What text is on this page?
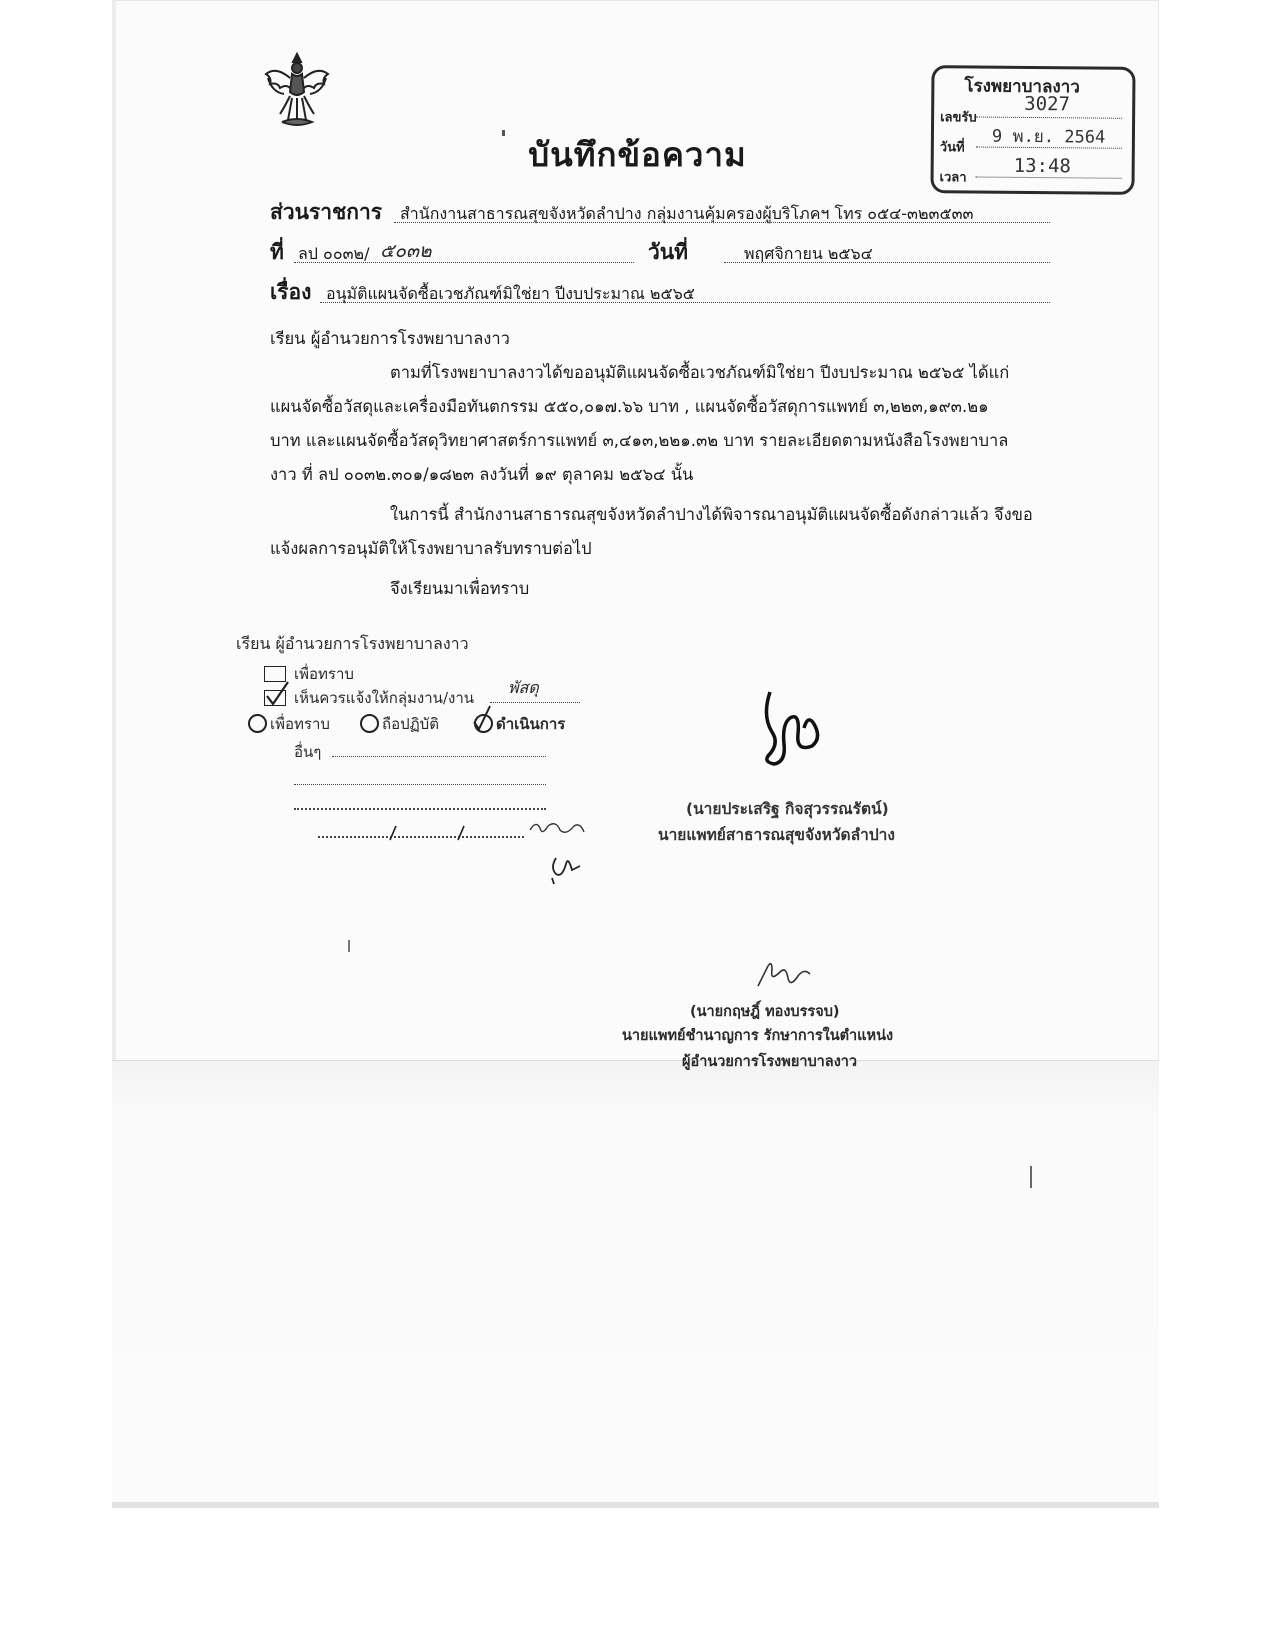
บันทึกข้อความ
โรงพยาบาลงาว
เลขรับ
3027
วันที่
9 พ.ย. 2564
เวลา
13:48
ส่วนราชการ สำนักงานสาธารณสุขจังหวัดลำปาง กลุ่มงานคุ้มครองผู้บริโภคฯ โทร ๐๕๔-๓๒๓๕๓๓
ที่ ลป ๐๐๓๒/ ๕๐๓๒	วันที่	พฤศจิกายน ๒๕๖๔
เรื่อง อนุมัติแผนจัดซื้อเวชภัณฑ์มิใช่ยา ปีงบประมาณ ๒๕๖๕
เรียน ผู้อำนวยการโรงพยาบาลงาว
ตามที่โรงพยาบาลงาวได้ขออนุมัติแผนจัดซื้อเวชภัณฑ์มิใช่ยา ปีงบประมาณ ๒๕๖๕ ได้แก่
แผนจัดซื้อวัสดุและเครื่องมือทันตกรรม ๕๕๐,๐๑๗.๖๖ บาท , แผนจัดซื้อวัสดุการแพทย์ ๓,๒๒๓,๑๙๓.๒๑
บาท และแผนจัดซื้อวัสดุวิทยาศาสตร์การแพทย์ ๓,๔๑๓,๒๒๑.๓๒ บาท รายละเอียดตามหนังสือโรงพยาบาล
งาว ที่ ลป ๐๐๓๒.๓๐๑/๑๘๒๓ ลงวันที่ ๑๙ ตุลาคม ๒๕๖๔ นั้น
ในการนี้ สำนักงานสาธารณสุขจังหวัดลำปางได้พิจารณาอนุมัติแผนจัดซื้อดังกล่าวแล้ว จึงขอ
แจ้งผลการอนุมัติให้โรงพยาบาลรับทราบต่อไป
จึงเรียนมาเพื่อทราบ
เรียน ผู้อำนวยการโรงพยาบาลงาว
เพื่อทราบ
เห็นควรแจ้งให้กลุ่มงาน/งาน
พัสดุ
เพื่อทราบ	ถือปฏิบัติ	ดำเนินการ
อื่นๆ
(นายประเสริฐ กิจสุวรรณรัตน์)
นายแพทย์สาธารณสุขจังหวัดลำปาง
(นายกฤษฎิ์ ทองบรรจบ)
นายแพทย์ชำนาญการ รักษาการในตำแหน่ง
ผู้อำนวยการโรงพยาบาลงาว
